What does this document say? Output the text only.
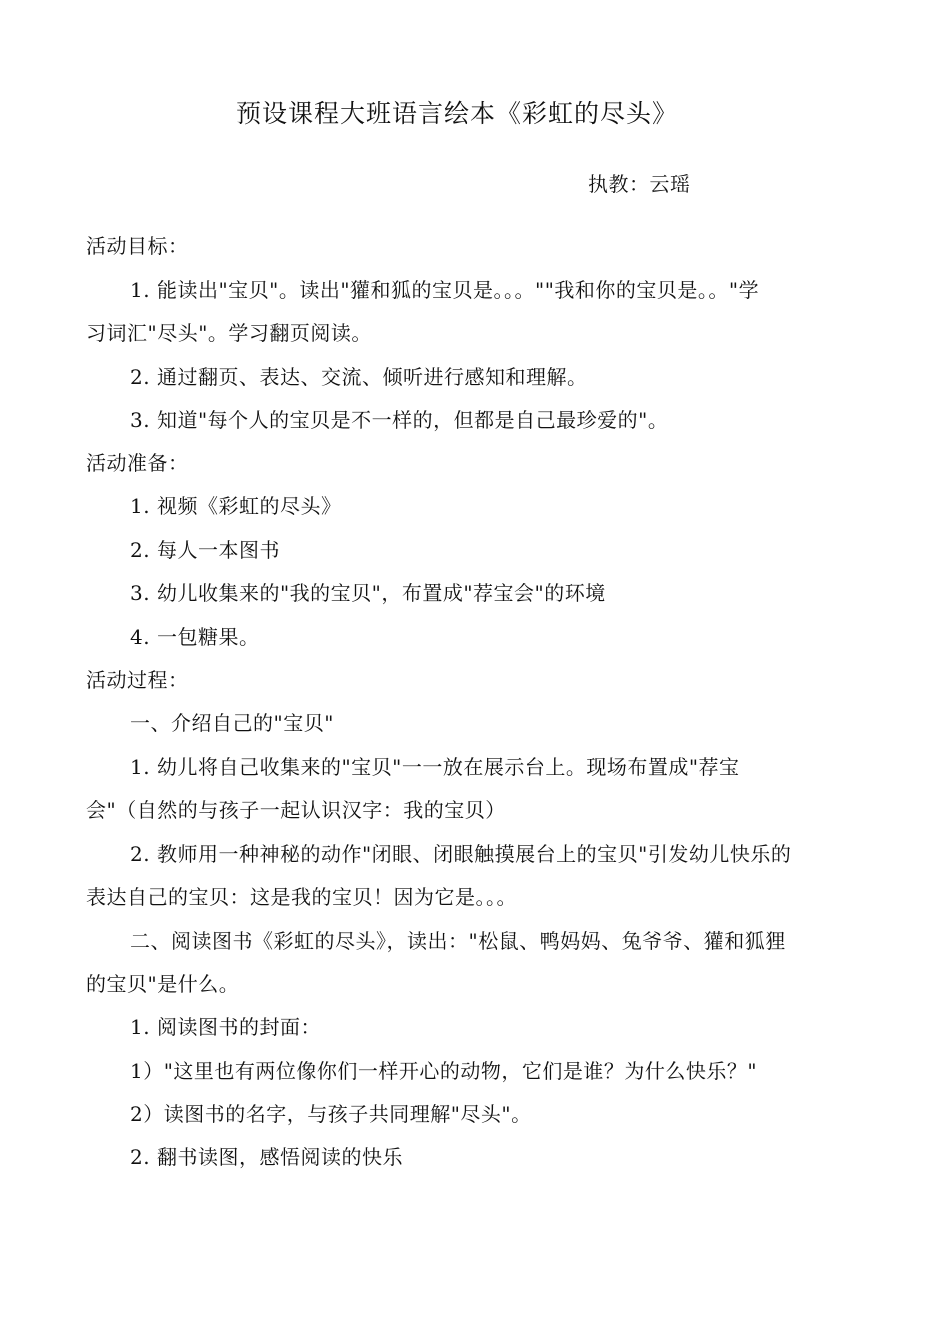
预设课程大班语言绘本《彩虹的尽头》
执教：云瑶
活动目标：
1. 能读出"宝贝"。读出"獾和狐的宝贝是。。。""我和你的宝贝是。。"学
习词汇"尽头"。学习翻页阅读。
2. 通过翻页、表达、交流、倾听进行感知和理解。
3. 知道"每个人的宝贝是不一样的，但都是自己最珍爱的"。
活动准备：
1. 视频《彩虹的尽头》
2. 每人一本图书
3. 幼儿收集来的"我的宝贝"，布置成"荐宝会"的环境
4. 一包糖果。
活动过程：
一、介绍自己的"宝贝"
1. 幼儿将自己收集来的"宝贝"一一放在展示台上。现场布置成"荐宝
会"（自然的与孩子一起认识汉字：我的宝贝）
2. 教师用一种神秘的动作"闭眼、闭眼触摸展台上的宝贝"引发幼儿快乐的
表达自己的宝贝：这是我的宝贝！因为它是。。。
二、阅读图书《彩虹的尽头》，读出："松鼠、鸭妈妈、兔爷爷、獾和狐狸
的宝贝"是什么。
1. 阅读图书的封面：
1）"这里也有两位像你们一样开心的动物，它们是谁？为什么快乐？"
2）读图书的名字，与孩子共同理解"尽头"。
2. 翻书读图，感悟阅读的快乐
